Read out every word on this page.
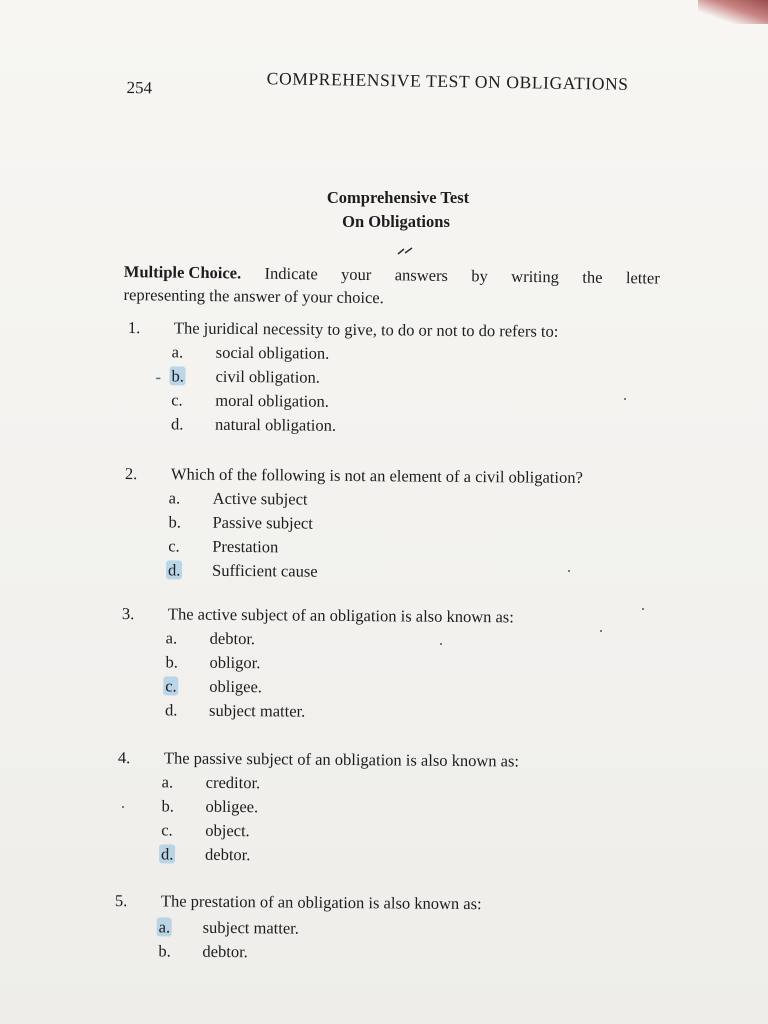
254	COMPREHENSIVE TEST ON OBLIGATIONS
Comprehensive Test
On Obligations
Multiple Choice. Indicate your answers by writing the letter
representing the answer of your choice.
1. The juridical necessity to give, to do or not to do refers to:
a.	social obligation.
- b.	civil obligation.
c.	moral obligation.
d.	natural obligation.
2. Which of the following is not an element of a civil obligation?
a.	Active subject
b.	Passive subject
c.	Prestation
d.	Sufficient cause
3. The active subject of an obligation is also known as:
a.	debtor.
b.	obligor.
c.	obligee.
d.	subject matter.
4. The passive subject of an obligation is also known as:
a.	creditor.
b.	obligee.
c.	object.
d.	debtor.
5. The prestation of an obligation is also known as:
a.	subject matter.
b.	debtor.
